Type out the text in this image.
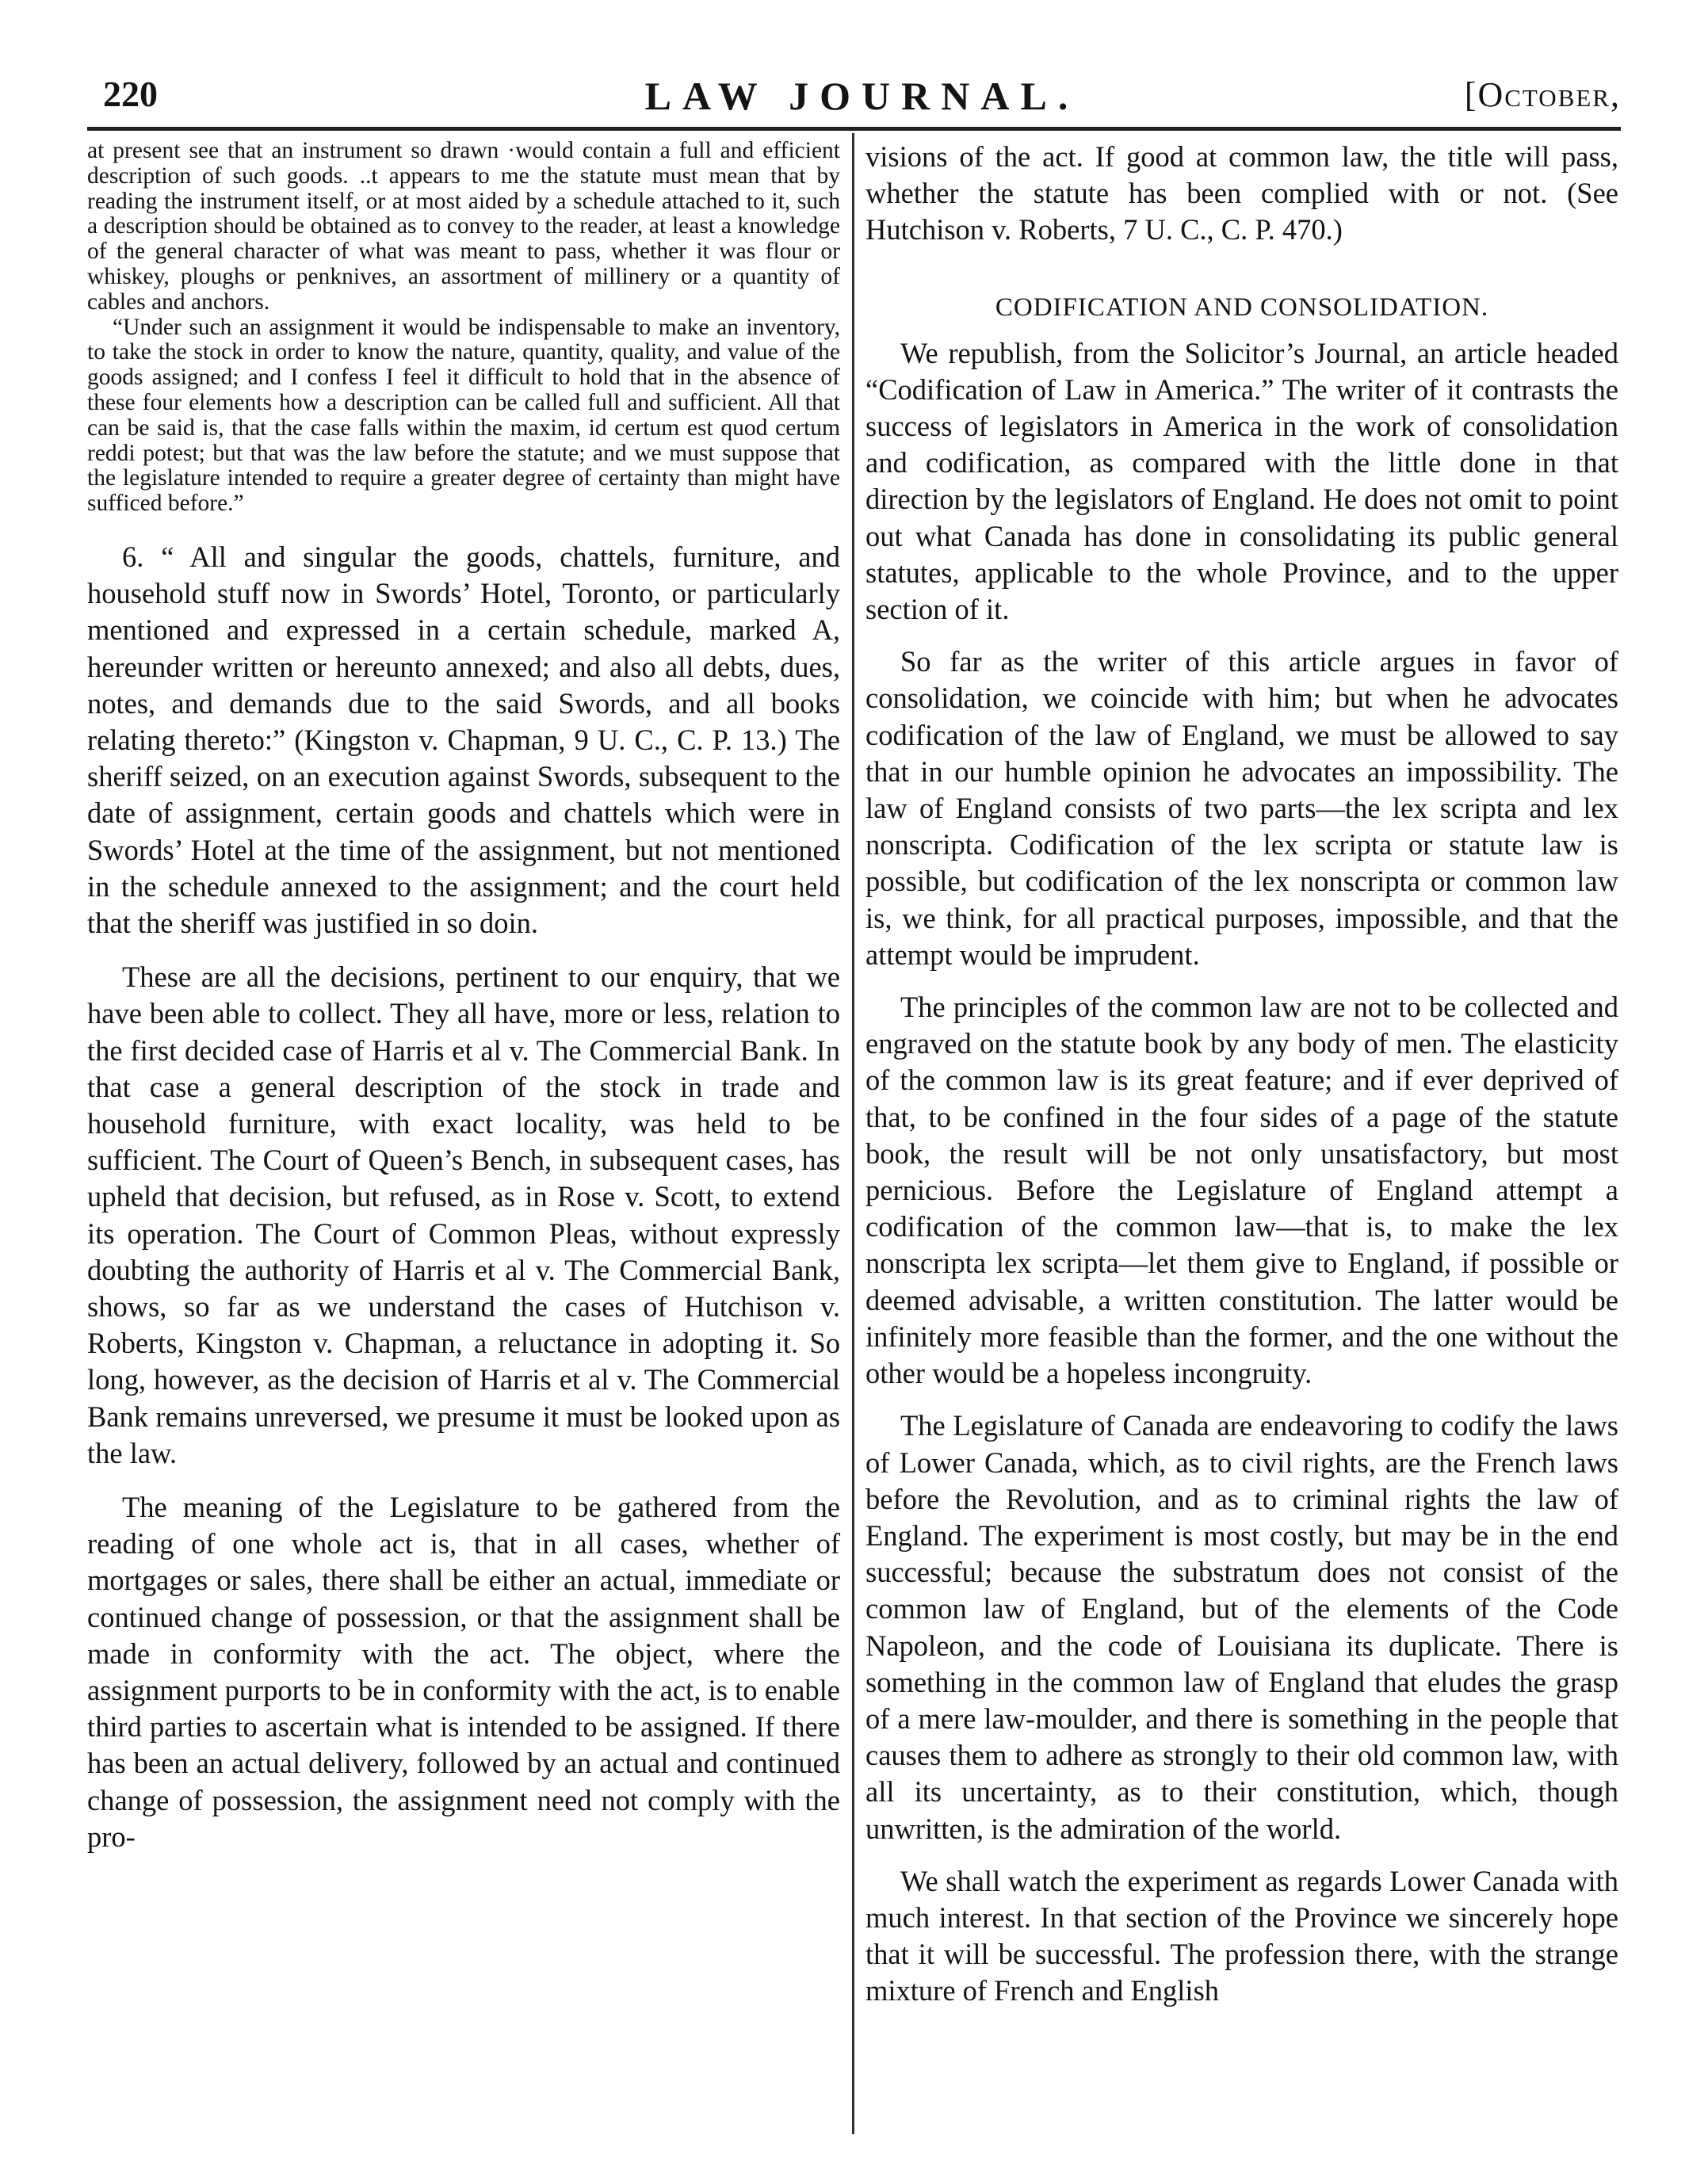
220	LAW JOURNAL.	[October,

at present see that an instrument so drawn ·would contain a full and efficient description of such goods. ..t appears to me the statute must mean that by reading the instrument itself, or at most aided by a schedule attached to it, such a description should be obtained as to convey to the reader, at least a knowledge of the general character of what was meant to pass, whether it was flour or whiskey, ploughs or penknives, an assortment of millinery or a quantity of cables and anchors.

“Under such an assignment it would be indispensable to make an inventory, to take the stock in order to know the nature, quantity, quality, and value of the goods assigned; and I confess I feel it difficult to hold that in the absence of these four elements how a description can be called full and sufficient. All that can be said is, that the case falls within the maxim, id certum est quod certum reddi potest; but that was the law before the statute; and we must suppose that the legislature intended to require a greater degree of certainty than might have sufficed before.”

6. “ All and singular the goods, chattels, furniture, and household stuff now in Swords’ Hotel, Toronto, or particularly mentioned and expressed in a certain schedule, marked A, hereunder written or hereunto annexed; and also all debts, dues, notes, and demands due to the said Swords, and all books relating thereto:” (Kingston v. Chapman, 9 U. C., C. P. 13.) The sheriff seized, on an execution against Swords, subsequent to the date of assignment, certain goods and chattels which were in Swords’ Hotel at the time of the assignment, but not mentioned in the schedule annexed to the assignment; and the court held that the sheriff was justified in so doin.

These are all the decisions, pertinent to our enquiry, that we have been able to collect. They all have, more or less, relation to the first decided case of Harris et al v. The Commercial Bank. In that case a general description of the stock in trade and household furniture, with exact locality, was held to be sufficient. The Court of Queen’s Bench, in subsequent cases, has upheld that decision, but refused, as in Rose v. Scott, to extend its operation. The Court of Common Pleas, without expressly doubting the authority of Harris et al v. The Commercial Bank, shows, so far as we understand the cases of Hutchison v. Roberts, Kingston v. Chapman, a reluctance in adopting it. So long, however, as the decision of Harris et al v. The Commercial Bank remains unreversed, we presume it must be looked upon as the law.

The meaning of the Legislature to be gathered from the reading of one whole act is, that in all cases, whether of mortgages or sales, there shall be either an actual, immediate or continued change of possession, or that the assignment shall be made in conformity with the act. The object, where the assignment purports to be in conformity with the act, is to enable third parties to ascertain what is intended to be assigned. If there has been an actual delivery, followed by an actual and continued change of possession, the assignment need not comply with the pro-

visions of the act. If good at common law, the title will pass, whether the statute has been complied with or not. (See Hutchison v. Roberts, 7 U. C., C. P. 470.)

CODIFICATION AND CONSOLIDATION.

We republish, from the Solicitor’s Journal, an article headed “Codification of Law in America.” The writer of it contrasts the success of legislators in America in the work of consolidation and codification, as compared with the little done in that direction by the legislators of England. He does not omit to point out what Canada has done in consolidating its public general statutes, applicable to the whole Province, and to the upper section of it.

So far as the writer of this article argues in favor of consolidation, we coincide with him; but when he advocates codification of the law of England, we must be allowed to say that in our humble opinion he advocates an impossibility. The law of England consists of two parts—the lex scripta and lex nonscripta. Codification of the lex scripta or statute law is possible, but codification of the lex nonscripta or common law is, we think, for all practical purposes, impossible, and that the attempt would be imprudent.

The principles of the common law are not to be collected and engraved on the statute book by any body of men. The elasticity of the common law is its great feature; and if ever deprived of that, to be confined in the four sides of a page of the statute book, the result will be not only unsatisfactory, but most pernicious. Before the Legislature of England attempt a codification of the common law—that is, to make the lex nonscripta lex scripta—let them give to England, if possible or deemed advisable, a written constitution. The latter would be infinitely more feasible than the former, and the one without the other would be a hopeless incongruity.

The Legislature of Canada are endeavoring to codify the laws of Lower Canada, which, as to civil rights, are the French laws before the Revolution, and as to criminal rights the law of England. The experiment is most costly, but may be in the end successful; because the substratum does not consist of the common law of England, but of the elements of the Code Napoleon, and the code of Louisiana its duplicate. There is something in the common law of England that eludes the grasp of a mere law-moulder, and there is something in the people that causes them to adhere as strongly to their old common law, with all its uncertainty, as to their constitution, which, though unwritten, is the admiration of the world.

We shall watch the experiment as regards Lower Canada with much interest. In that section of the Province we sincerely hope that it will be successful. The profession there, with the strange mixture of French and English
